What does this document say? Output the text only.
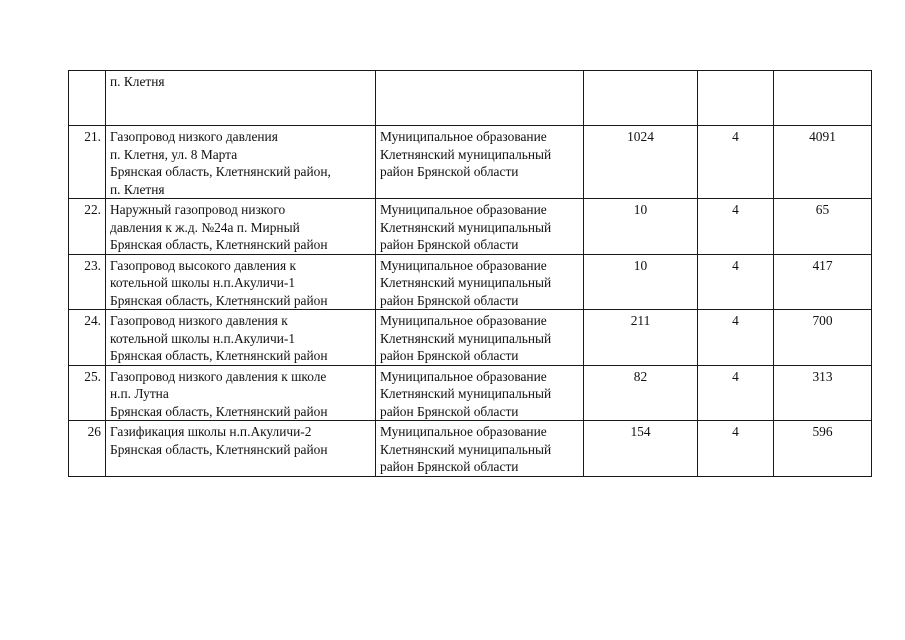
	п. Клетня				
21.	Газопровод низкого давления
п. Клетня, ул. 8 Марта
Брянская область, Клетнянский район,
п. Клетня	Муниципальное образование
Клетнянский муниципальный
район Брянской области	1024	4	4091
22.	Наружный газопровод низкого
давления к ж.д. №24а п. Мирный
Брянская область, Клетнянский район	Муниципальное образование
Клетнянский муниципальный
район Брянской области	10	4	65
23.	Газопровод высокого давления к
котельной школы н.п.Акуличи-1
Брянская область, Клетнянский район	Муниципальное образование
Клетнянский муниципальный
район Брянской области	10	4	417
24.	Газопровод низкого давления к
котельной школы н.п.Акуличи-1
Брянская область, Клетнянский район	Муниципальное образование
Клетнянский муниципальный
район Брянской области	211	4	700
25.	Газопровод низкого давления к школе
н.п. Лутна
Брянская область, Клетнянский район	Муниципальное образование
Клетнянский муниципальный
район Брянской области	82	4	313
26	Газификация школы н.п.Акуличи-2
Брянская область, Клетнянский район	Муниципальное образование
Клетнянский муниципальный
район Брянской области	154	4	596
